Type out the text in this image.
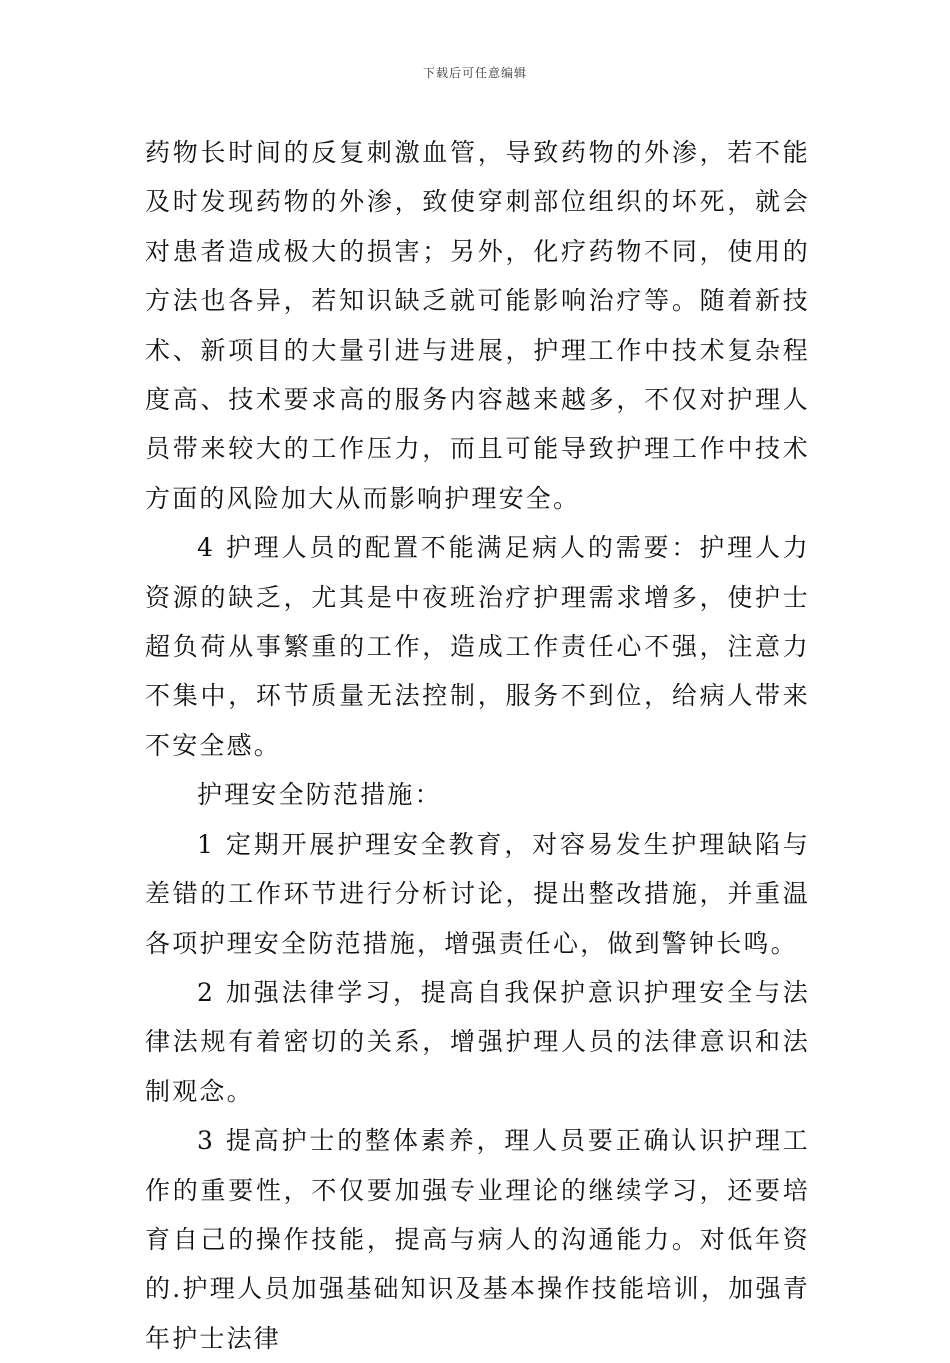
下载后可任意编辑

药物长时间的反复刺激血管，导致药物的外渗，若不能及时发现药物的外渗，致使穿刺部位组织的坏死，就会对患者造成极大的损害；另外，化疗药物不同，使用的方法也各异，若知识缺乏就可能影响治疗等。随着新技术、新项目的大量引进与进展，护理工作中技术复杂程度高、技术要求高的服务内容越来越多，不仅对护理人员带来较大的工作压力，而且可能导致护理工作中技术方面的风险加大从而影响护理安全。

4 护理人员的配置不能满足病人的需要：护理人力资源的缺乏，尤其是中夜班治疗护理需求增多，使护士超负荷从事繁重的工作，造成工作责任心不强，注意力不集中，环节质量无法控制，服务不到位，给病人带来不安全感。

护理安全防范措施：

1 定期开展护理安全教育，对容易发生护理缺陷与差错的工作环节进行分析讨论，提出整改措施，并重温各项护理安全防范措施，增强责任心，做到警钟长鸣。

2 加强法律学习，提高自我保护意识护理安全与法律法规有着密切的关系，增强护理人员的法律意识和法制观念。

3 提高护士的整体素养，理人员要正确认识护理工作的重要性，不仅要加强专业理论的继续学习，还要培育自己的操作技能，提高与病人的沟通能力。对低年资的.护理人员加强基础知识及基本操作技能培训，加强青年护士法律
